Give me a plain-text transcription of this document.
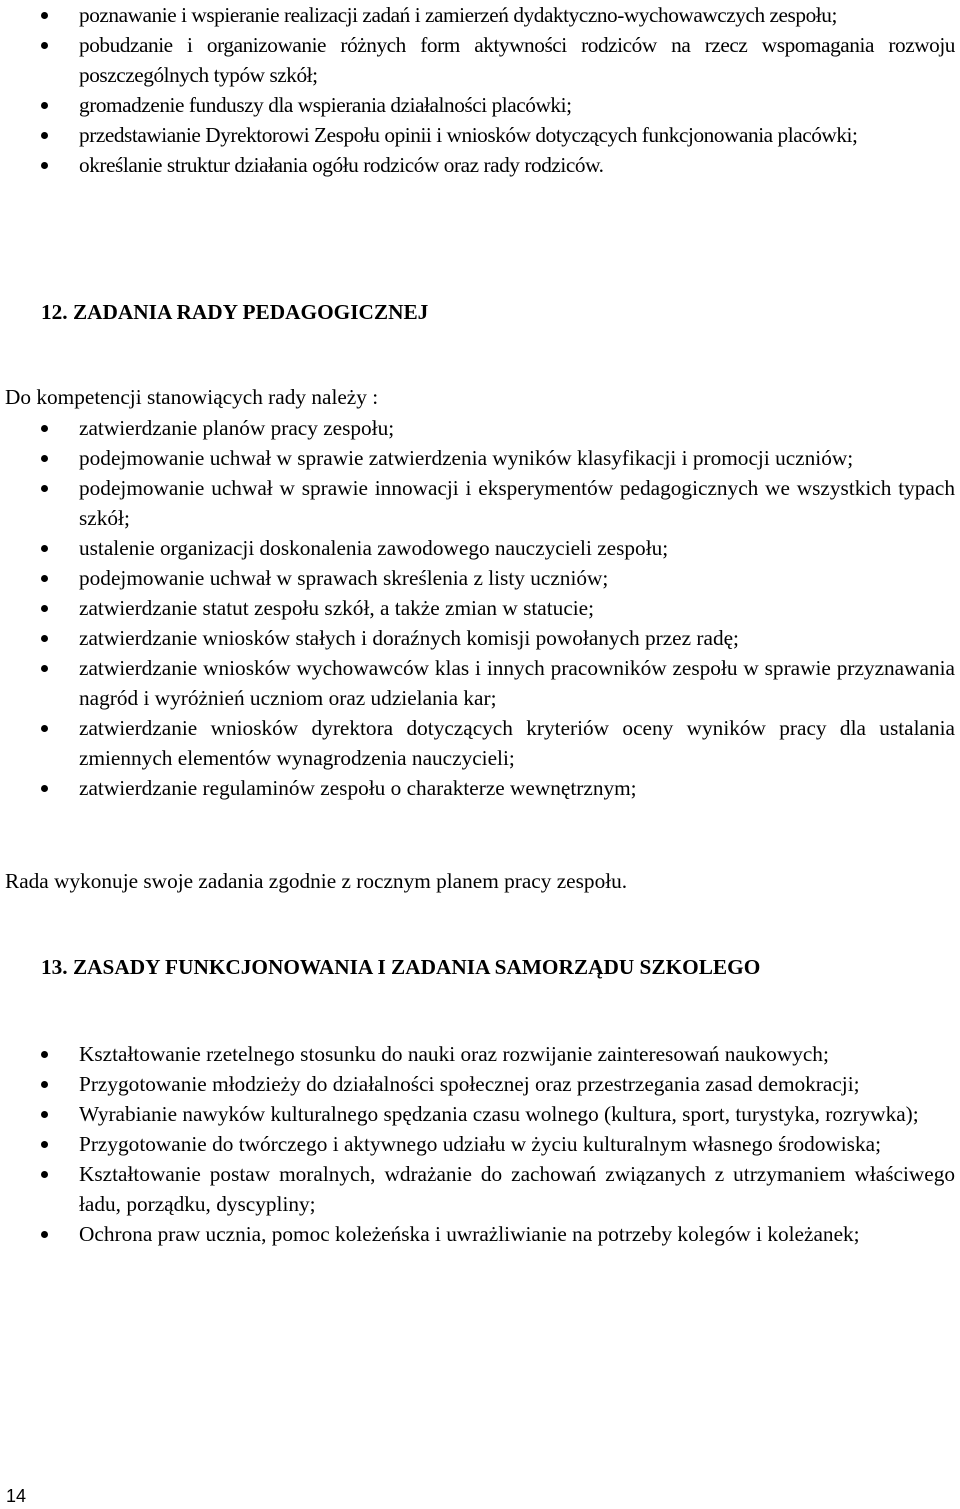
poznawanie i wspieranie realizacji zadań i zamierzeń dydaktyczno-wychowawczych zespołu;
pobudzanie i organizowanie różnych form aktywności rodziców na rzecz wspomagania rozwoju poszczególnych typów szkół;
gromadzenie funduszy dla wspierania działalności placówki;
przedstawianie Dyrektorowi Zespołu opinii i wniosków dotyczących funkcjonowania placówki;
określanie struktur działania ogółu rodziców oraz rady rodziców.
12. ZADANIA RADY PEDAGOGICZNEJ
Do kompetencji stanowiących rady należy :
zatwierdzanie planów pracy zespołu;
podejmowanie uchwał w sprawie zatwierdzenia wyników klasyfikacji i promocji uczniów;
podejmowanie uchwał w sprawie innowacji i eksperymentów pedagogicznych we wszystkich typach szkół;
ustalenie organizacji doskonalenia zawodowego nauczycieli zespołu;
podejmowanie uchwał w sprawach skreślenia z listy uczniów;
zatwierdzanie statut zespołu szkół, a także zmian w statucie;
zatwierdzanie wniosków stałych i doraźnych komisji powołanych przez radę;
zatwierdzanie wniosków wychowawców klas i innych pracowników zespołu w sprawie przyznawania nagród i wyróżnień uczniom oraz udzielania kar;
zatwierdzanie wniosków dyrektora dotyczących kryteriów oceny wyników pracy dla ustalania zmiennych elementów wynagrodzenia nauczycieli;
zatwierdzanie regulaminów zespołu o charakterze wewnętrznym;
Rada wykonuje swoje zadania zgodnie z rocznym planem pracy zespołu.
13. ZASADY FUNKCJONOWANIA I ZADANIA SAMORZĄDU SZKOLEGO
Kształtowanie rzetelnego stosunku do nauki oraz rozwijanie zainteresowań naukowych;
Przygotowanie młodzieży do działalności społecznej oraz przestrzegania zasad demokracji;
Wyrabianie nawyków kulturalnego spędzania czasu wolnego (kultura, sport, turystyka, rozrywka);
Przygotowanie do twórczego i aktywnego udziału w życiu kulturalnym własnego środowiska;
Kształtowanie postaw moralnych, wdrażanie do zachowań związanych z utrzymaniem właściwego ładu, porządku, dyscypliny;
Ochrona praw ucznia, pomoc koleżeńska i uwrażliwianie na potrzeby kolegów i koleżanek;
14
